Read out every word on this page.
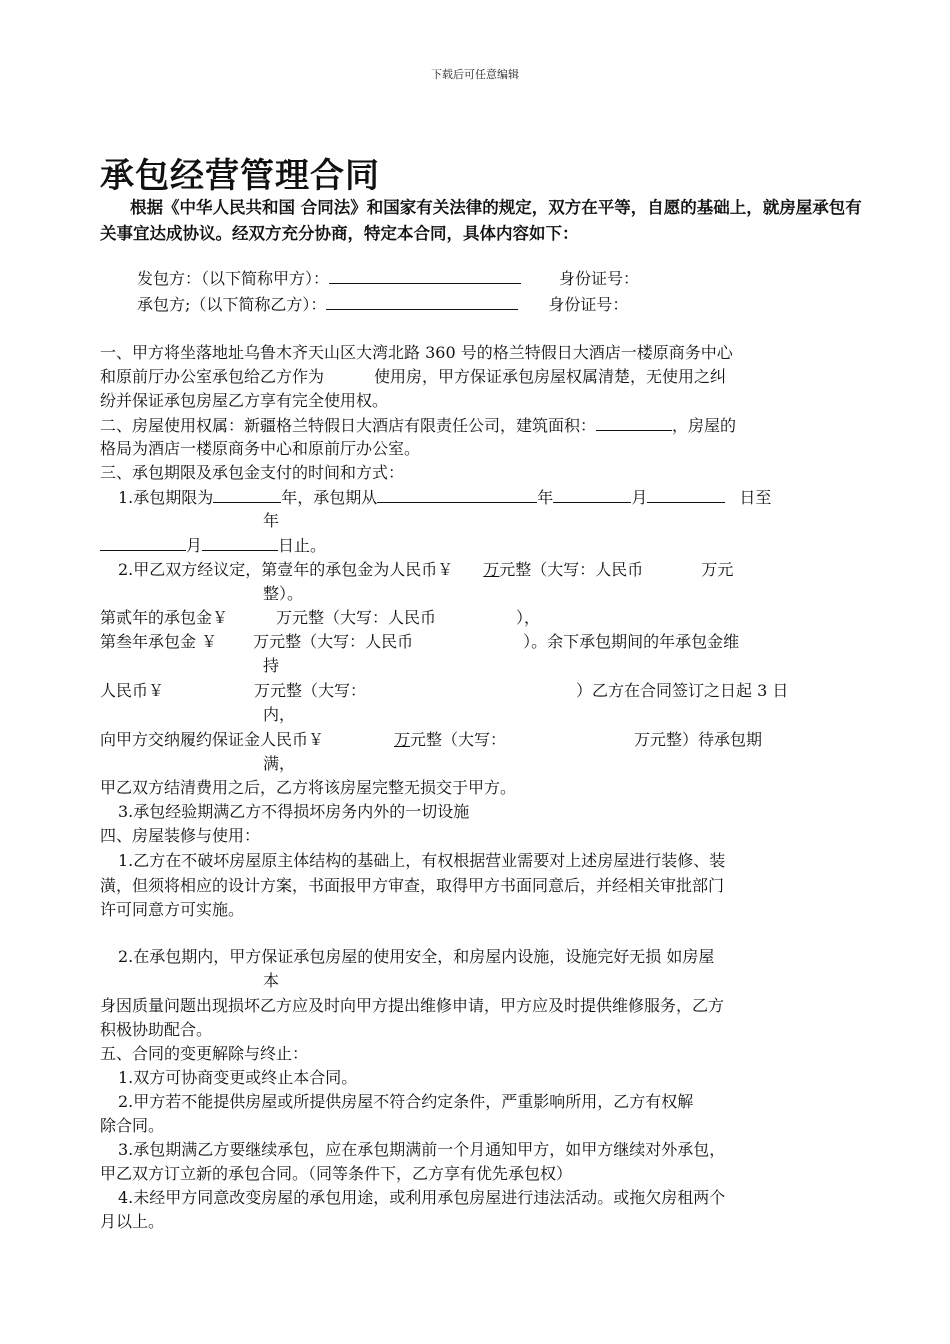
下载后可任意编辑
承包经营管理合同

根据《中华人民共和国 合同法》和国家有关法律的规定，双方在平等，自愿的基础上，就房屋承包有关事宜达成协议。经双方充分协商，特定本合同，具体内容如下：

发包方：（以下简称甲方）：	身份证号：
承包方;（以下简称乙方）：	身份证号：
一、甲方将坐落地址乌鲁木齐天山区大湾北路 360 号的格兰特假日大酒店一楼原商务中心
和原前厅办公室承包给乙方作为	使用房，甲方保证承包房屋权属清楚，无使用之纠
纷并保证承包房屋乙方享有完全使用权。
二、房屋使用权属：新疆格兰特假日大酒店有限责任公司，建筑面积：	，房屋的
格局为酒店一楼原商务中心和原前厅办公室。
三、承包期限及承包金支付的时间和方式：
1.承包期限为	年，承包期从	年	月	日至
年
月	日止。
2.甲乙双方经议定，第壹年的承包金为人民币￥ 万元整（大写：人民币	万元
整）。
第贰年的承包金￥	万元整（大写：人民币	），
第叁年承包金 ￥ 万元整（大写：人民币	）。余下承包期间的年承包金维
持
人民币￥	万元整（大写：	）乙方在合同签订之日起 3 日
内，
向甲方交纳履约保证金人民币￥	万元整（大写：	万元整）待承包期
满，
甲乙双方结清费用之后，乙方将该房屋完整无损交于甲方。
3.承包经验期满乙方不得损坏房务内外的一切设施
四、房屋装修与使用：
1.乙方在不破坏房屋原主体结构的基础上，有权根据营业需要对上述房屋进行装修、装
潢，但须将相应的设计方案，书面报甲方审查，取得甲方书面同意后，并经相关审批部门
许可同意方可实施。
2.在承包期内，甲方保证承包房屋的使用安全，和房屋内设施，设施完好无损 如房屋
本
身因质量问题出现损坏乙方应及时向甲方提出维修申请，甲方应及时提供维修服务，乙方
积极协助配合。
五、合同的变更解除与终止：
1.双方可协商变更或终止本合同。
2.甲方若不能提供房屋或所提供房屋不符合约定条件，严重影响所用，乙方有权解
除合同。
3.承包期满乙方要继续承包，应在承包期满前一个月通知甲方，如甲方继续对外承包，
甲乙双方订立新的承包合同。（同等条件下，乙方享有优先承包权）
4.未经甲方同意改变房屋的承包用途，或利用承包房屋进行违法活动。或拖欠房租两个
月以上。
